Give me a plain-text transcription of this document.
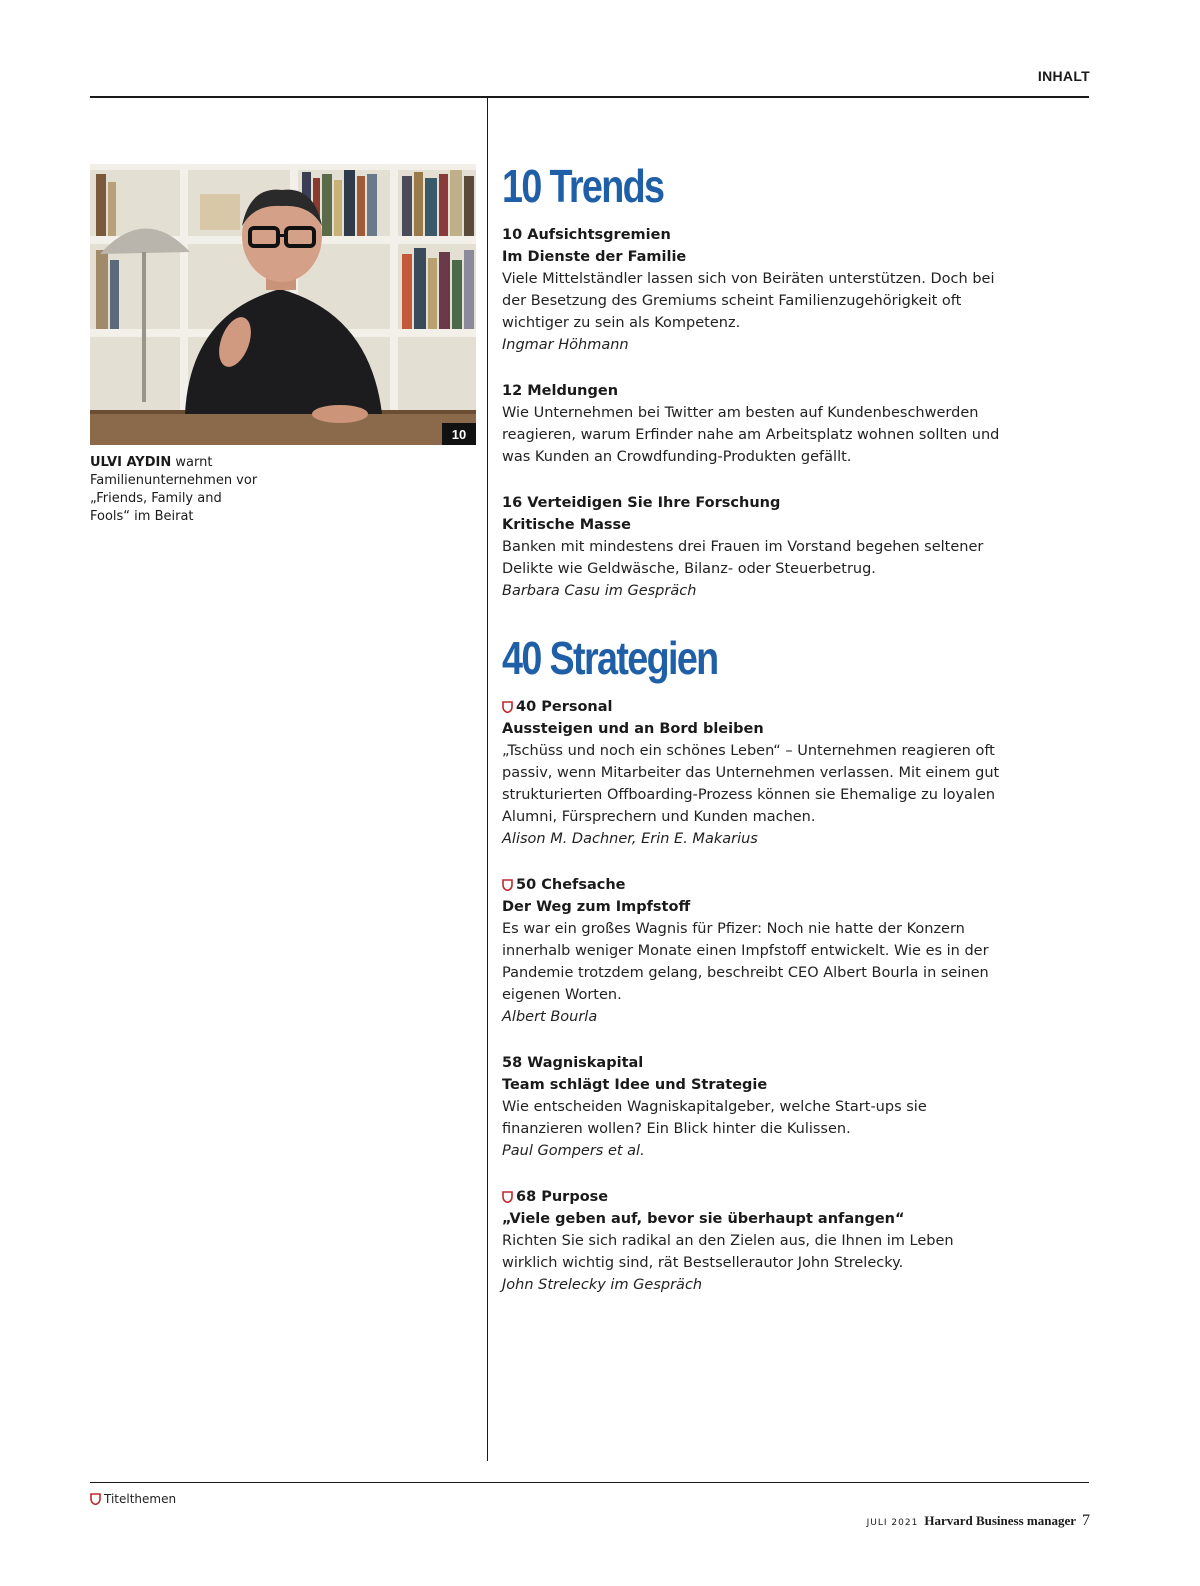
INHALT
10
ULVI AYDIN warnt Familienunternehmen vor „Friends, Family and Fools“ im Beirat
10 Trends
10 Aufsichtsgremien
Im Dienste der Familie
Viele Mittelständler lassen sich von Beiräten unterstützen. Doch bei der Besetzung des Gremiums scheint Familienzugehörigkeit oft wichtiger zu sein als Kompetenz.
Ingmar Höhmann
12 Meldungen
Wie Unternehmen bei Twitter am besten auf Kundenbeschwerden reagieren, warum Erfinder nahe am Arbeitsplatz wohnen sollten und was Kunden an Crowdfunding-Produkten gefällt.
16 Verteidigen Sie Ihre Forschung
Kritische Masse
Banken mit mindestens drei Frauen im Vorstand begehen seltener Delikte wie Geldwäsche, Bilanz- oder Steuerbetrug.
Barbara Casu im Gespräch
40 Strategien
40 Personal
Aussteigen und an Bord bleiben
„Tschüss und noch ein schönes Leben“ – Unternehmen reagieren oft passiv, wenn Mitarbeiter das Unternehmen verlassen. Mit einem gut strukturierten Offboarding-Prozess können sie Ehemalige zu loyalen Alumni, Fürsprechern und Kunden machen.
Alison M. Dachner, Erin E. Makarius
50 Chefsache
Der Weg zum Impfstoff
Es war ein großes Wagnis für Pfizer: Noch nie hatte der Konzern innerhalb weniger Monate einen Impfstoff entwickelt. Wie es in der Pandemie trotzdem gelang, beschreibt CEO Albert Bourla in seinen eigenen Worten.
Albert Bourla
58 Wagniskapital
Team schlägt Idee und Strategie
Wie entscheiden Wagniskapitalgeber, welche Start-ups sie finanzieren wollen? Ein Blick hinter die Kulissen.
Paul Gompers et al.
68 Purpose
„Viele geben auf, bevor sie überhaupt anfangen“
Richten Sie sich radikal an den Zielen aus, die Ihnen im Leben wirklich wichtig sind, rät Bestsellerautor John Strelecky.
John Strelecky im Gespräch
Titelthemen
JULI 2021 Harvard Business manager 7
